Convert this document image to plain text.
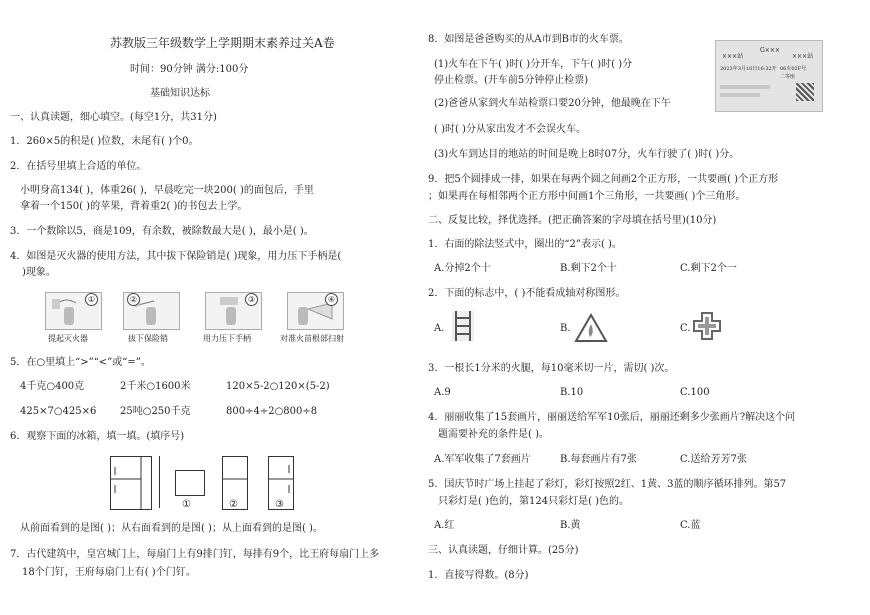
苏教版三年级数学上学期期末素养过关A卷
时间：90分钟 满分:100分
基础知识达标
一、认真读题，细心填空。(每空1分，共31分)
1．260×5的积是( )位数，末尾有( )个0。
2．在括号里填上合适的单位。
小明身高134( )，体重26( )，早晨吃完一块200( )的面包后，手里
拿着一个150( )的苹果，背着重2( )的书包去上学。
3．一个数除以5，商是109，有余数，被除数最大是( )，最小是( )。
4．如图是灭火器的使用方法，其中拔下保险销是( )现象，用力压下手柄是(
)现象。
①	②	③	④
提起灭火器	拔下保险销	用力压下手柄	对准火苗根部扫射
5．在○里填上“>”“<”或“=”。
4千克○400克	2千米○1600米	120×5-2○120×(5-2)
425×7○425×6 25吨○250千克	800÷4÷2○800÷8
6．观察下面的冰箱，填一填。(填序号)
①	②	③
从前面看到的是图( )；从右面看到的是图( )；从上面看到的是图( )。
7．古代建筑中，皇宫城门上，每扇门上有9排门钉，每排有9个，比王府每扇门上多
18个门钉，王府每扇门上有( )个门钉。
8．如图是爸爸购买的从A市到B市的火车票。
(1)火车在下午( )时( )分开车，下午( )时( )分
停止检票。(开车前5分钟停止检票)
(2)爸爸从家到火车站检票口要20分钟，他最晚在下午
( )时( )分从家出发才不会误火车。
(3)火车到达目的地站的时间是晚上8时07分，火车行驶了( )时( )分。
×××站
G×××
×××站
2023年3月16日16:32开 06车02F号
二等座
9．把5个圆排成一排，如果在每两个圆之间画2个正方形，一共要画( )个正方形
；如果再在每相邻两个正方形中间画1个三角形，一共要画( )个三角形。
二、反复比较，择优选择。(把正确答案的字母填在括号里)(10分)
1．右面的除法竖式中，圈出的“2”表示( )。
A.分掉2个十	B.剩下2个十	C.剩下2个一
2．下面的标志中，( )不能看成轴对称图形。
A.	B.	C.
3．一根长1分米的火腿，每10毫米切一片，需切( )次。
A.9	B.10	C.100
4．丽丽收集了15套画片，丽丽送给军军10张后，丽丽还剩多少张画片?解决这个问
题需要补充的条件是( )。
A.军军收集了7套画片	B.每套画片有7张	C.送给芳芳7张
5．国庆节时广场上挂起了彩灯，彩灯按照2红、1黄、3蓝的顺序循环排列。第57
只彩灯是( )色的，第124只彩灯是( )色的。
A.红	B.黄	C.蓝
三、认真读题，仔细计算。(25分)
1．直接写得数。(8分)
